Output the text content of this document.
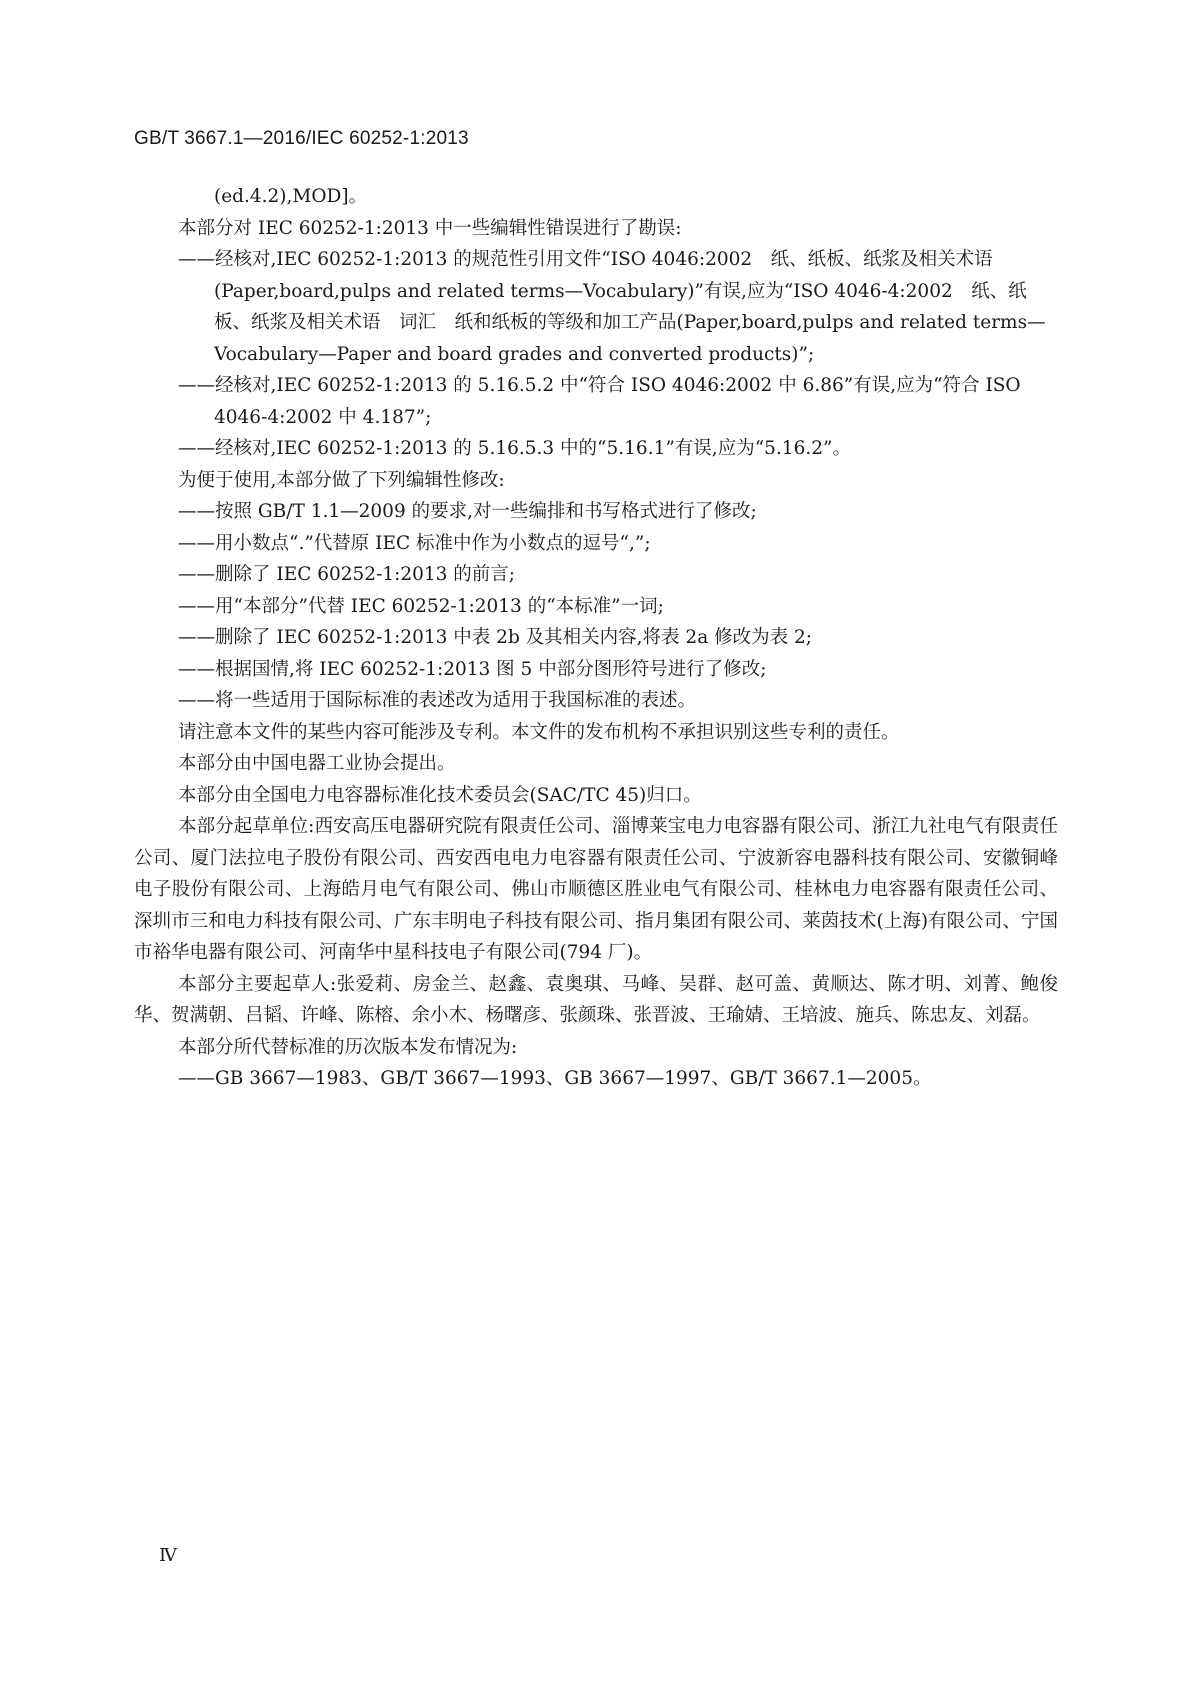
GB/T 3667.1—2016/IEC 60252-1:2013

(ed.4.2),MOD]。

本部分对 IEC 60252-1:2013 中一些编辑性错误进行了勘误:

——经核对,IEC 60252-1:2013 的规范性引用文件“ISO 4046:2002　纸、纸板、纸浆及相关术语 (Paper,board,pulps and related terms—Vocabulary)”有误,应为“ISO 4046-4:2002　纸、纸板、纸浆及相关术语　词汇　纸和纸板的等级和加工产品(Paper,board,pulps and related terms—Vocabulary—Paper and board grades and converted products)”;

——经核对,IEC 60252-1:2013 的 5.16.5.2 中“符合 ISO 4046:2002 中 6.86”有误,应为“符合 ISO 4046-4:2002 中 4.187”;

——经核对,IEC 60252-1:2013 的 5.16.5.3 中的“5.16.1”有误,应为“5.16.2”。

为便于使用,本部分做了下列编辑性修改:

——按照 GB/T 1.1—2009 的要求,对一些编排和书写格式进行了修改;

——用小数点“.”代替原 IEC 标准中作为小数点的逗号“,”;

——删除了 IEC 60252-1:2013 的前言;

——用“本部分”代替 IEC 60252-1:2013 的“本标准”一词;

——删除了 IEC 60252-1:2013 中表 2b 及其相关内容,将表 2a 修改为表 2;

——根据国情,将 IEC 60252-1:2013 图 5 中部分图形符号进行了修改;

——将一些适用于国际标准的表述改为适用于我国标准的表述。

请注意本文件的某些内容可能涉及专利。本文件的发布机构不承担识别这些专利的责任。

本部分由中国电器工业协会提出。

本部分由全国电力电容器标准化技术委员会(SAC/TC 45)归口。

本部分起草单位:西安高压电器研究院有限责任公司、淄博莱宝电力电容器有限公司、浙江九社电气有限责任公司、厦门法拉电子股份有限公司、西安西电电力电容器有限责任公司、宁波新容电器科技有限公司、安徽铜峰电子股份有限公司、上海皓月电气有限公司、佛山市顺德区胜业电气有限公司、桂林电力电容器有限责任公司、深圳市三和电力科技有限公司、广东丰明电子科技有限公司、指月集团有限公司、莱茵技术(上海)有限公司、宁国市裕华电器有限公司、河南华中星科技电子有限公司(794 厂)。

本部分主要起草人:张爱莉、房金兰、赵鑫、袁奥琪、马峰、吴群、赵可盖、黄顺达、陈才明、刘菁、鲍俊华、贺满朝、吕韬、许峰、陈榕、余小木、杨曙彦、张颜珠、张晋波、王瑜婧、王培波、施兵、陈忠友、刘磊。

本部分所代替标准的历次版本发布情况为:

——GB 3667—1983、GB/T 3667—1993、GB 3667—1997、GB/T 3667.1—2005。

Ⅳ
